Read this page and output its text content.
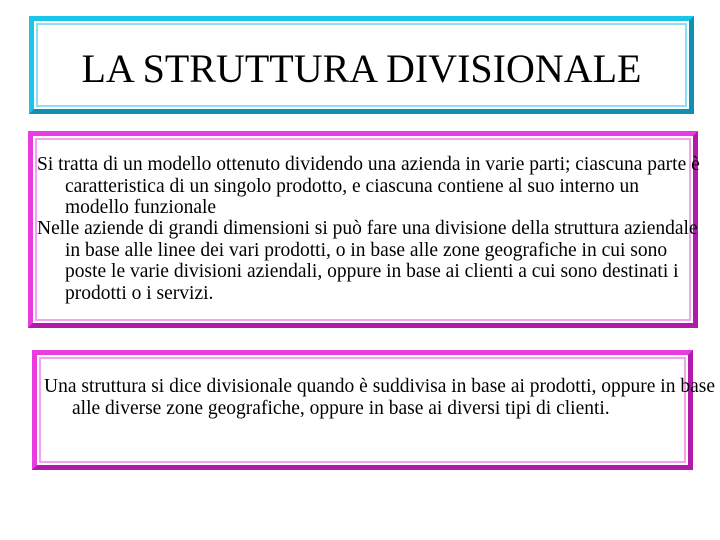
LA STRUTTURA DIVISIONALE

Si tratta di un modello ottenuto dividendo una azienda in varie parti; ciascuna parte è caratteristica di un singolo prodotto, e ciascuna contiene al suo interno un modello funzionale

Nelle aziende di grandi dimensioni si può fare una divisione della struttura aziendale in base alle linee dei vari prodotti, o in base alle zone geografiche in cui sono poste le varie divisioni aziendali, oppure in base ai clienti a cui sono destinati i prodotti o i servizi.

Una struttura si dice divisionale quando è suddivisa in base ai prodotti, oppure in base alle diverse zone geografiche, oppure in base ai diversi tipi di clienti.
